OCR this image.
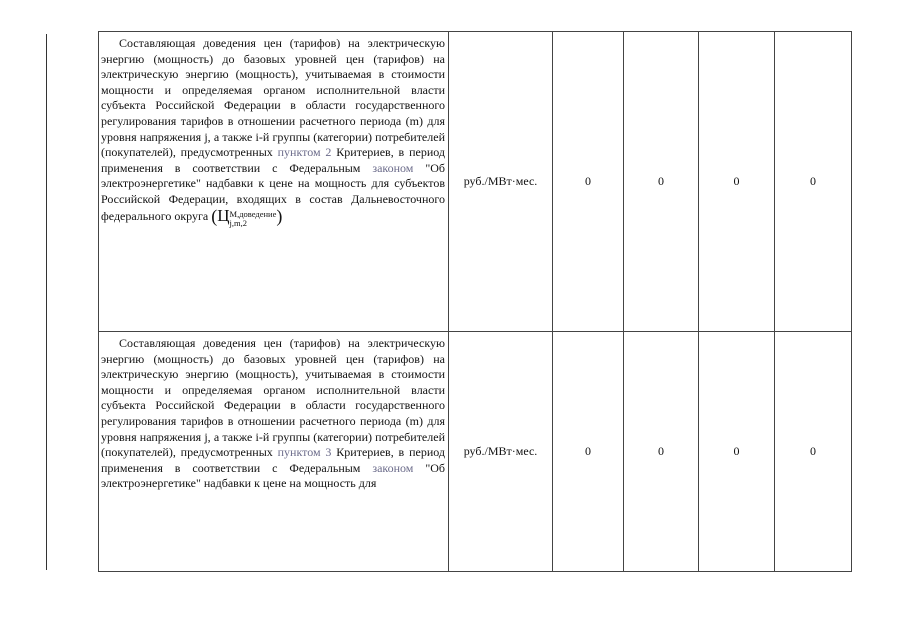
Составляющая доведения цен (тарифов) на электрическую энергию (мощность) до базовых уровней цен (тарифов) на электрическую энергию (мощность), учитываемая в стоимости мощности и определяемая органом исполнительной власти субъекта Российской Федерации в области государственного регулирования тарифов в отношении расчетного периода (m) для уровня напряжения j, а также i-й группы (категории) потребителей (покупателей), предусмотренных пунктом 2 Критериев, в период применения в соответствии с Федеральным законом "Об электроэнергетике" надбавки к цене на мощность для субъектов Российской Федерации, входящих в состав Дальневосточного федерального округа (Ц M,доведение
j,m,2 )	руб./МВт·мес.	0	0	0	0

Составляющая доведения цен (тарифов) на электрическую энергию (мощность) до базовых уровней цен (тарифов) на электрическую энергию (мощность), учитываемая в стоимости мощности и определяемая органом исполнительной власти субъекта Российской Федерации в области государственного регулирования тарифов в отношении расчетного периода (m) для уровня напряжения j, а также i-й группы (категории) потребителей (покупателей), предусмотренных пунктом 3 Критериев, в период применения в соответствии с Федеральным законом "Об электроэнергетике" надбавки к цене на мощность для	руб./МВт·мес.	0	0	0	0
